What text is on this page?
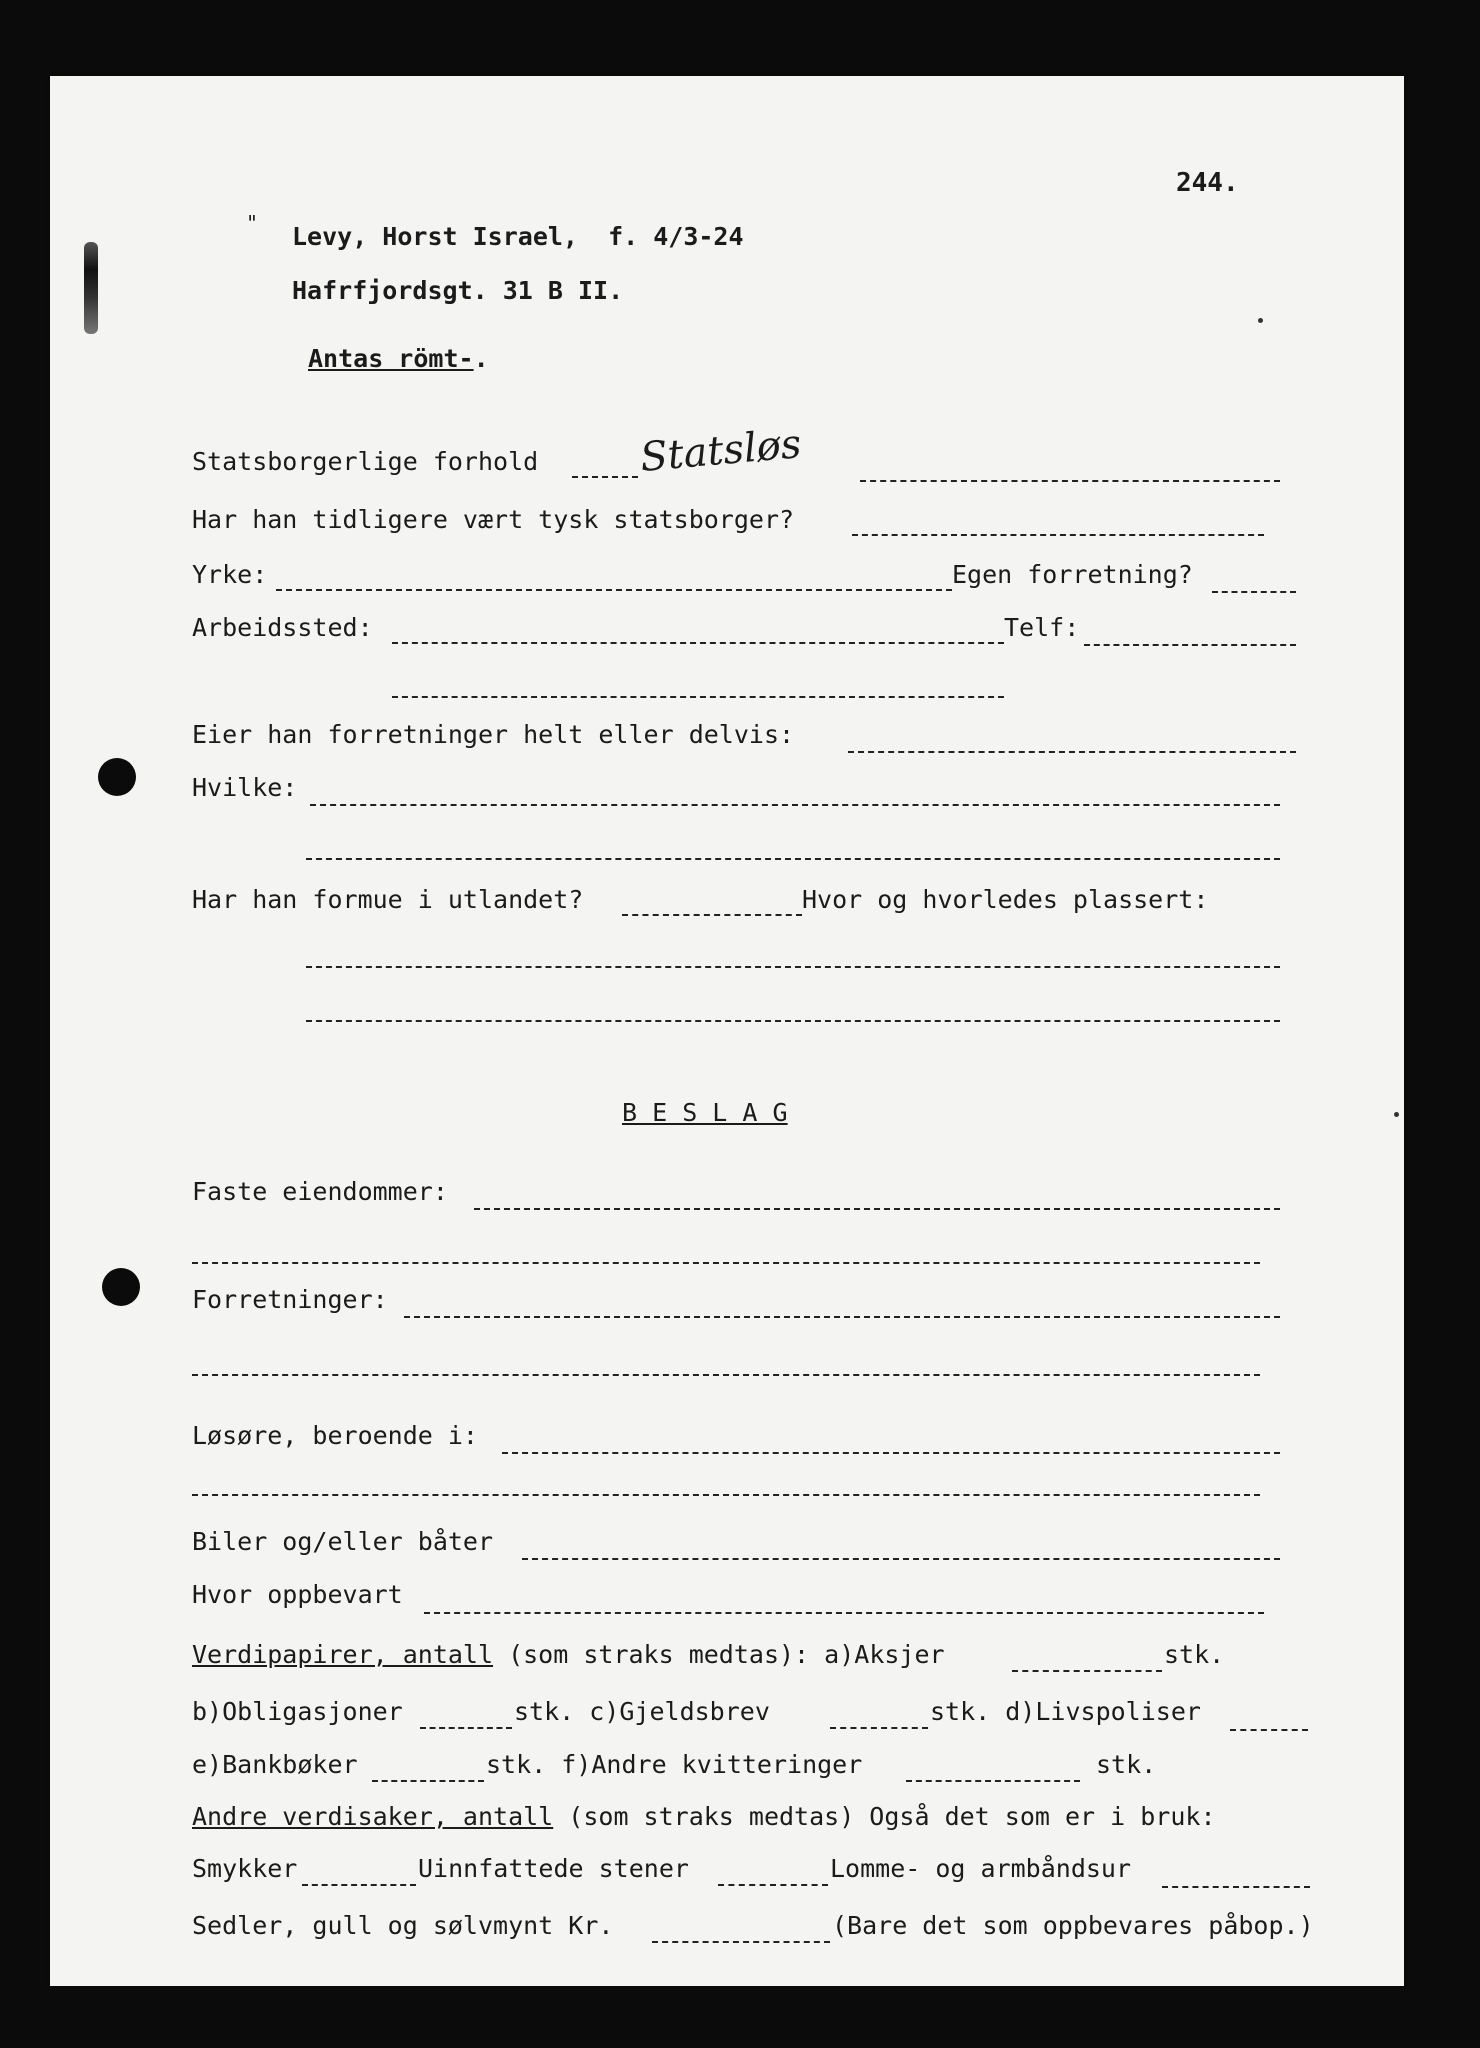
244.
" Levy, Horst Israel,  f. 4/3-24
Hafrfjordsgt. 31 B II.
Antas römt-.
Statsborgerlige forhold	Statsløs
Har han tidligere vært tysk statsborger?
Yrke:	Egen forretning?
Arbeidssted:	Telf:
Eier han forretninger helt eller delvis:
Hvilke:
Har han formue i utlandet?	Hvor og hvorledes plassert:
B E S L A G
Faste eiendommer:
Forretninger:
Løsøre, beroende i:
Biler og/eller båter
Hvor oppbevart
Verdipapirer, antall (som straks medtas): a)Aksjer	stk.
b)Obligasjoner	stk. c)Gjeldsbrev	stk. d)Livspoliser
e)Bankbøker	stk. f)Andre kvitteringer	stk.
Andre verdisaker, antall (som straks medtas) Også det som er i bruk:
Smykker	Uinnfattede stener	Lomme- og armbåndsur
Sedler, gull og sølvmynt Kr.	(Bare det som oppbevares påbop.)
